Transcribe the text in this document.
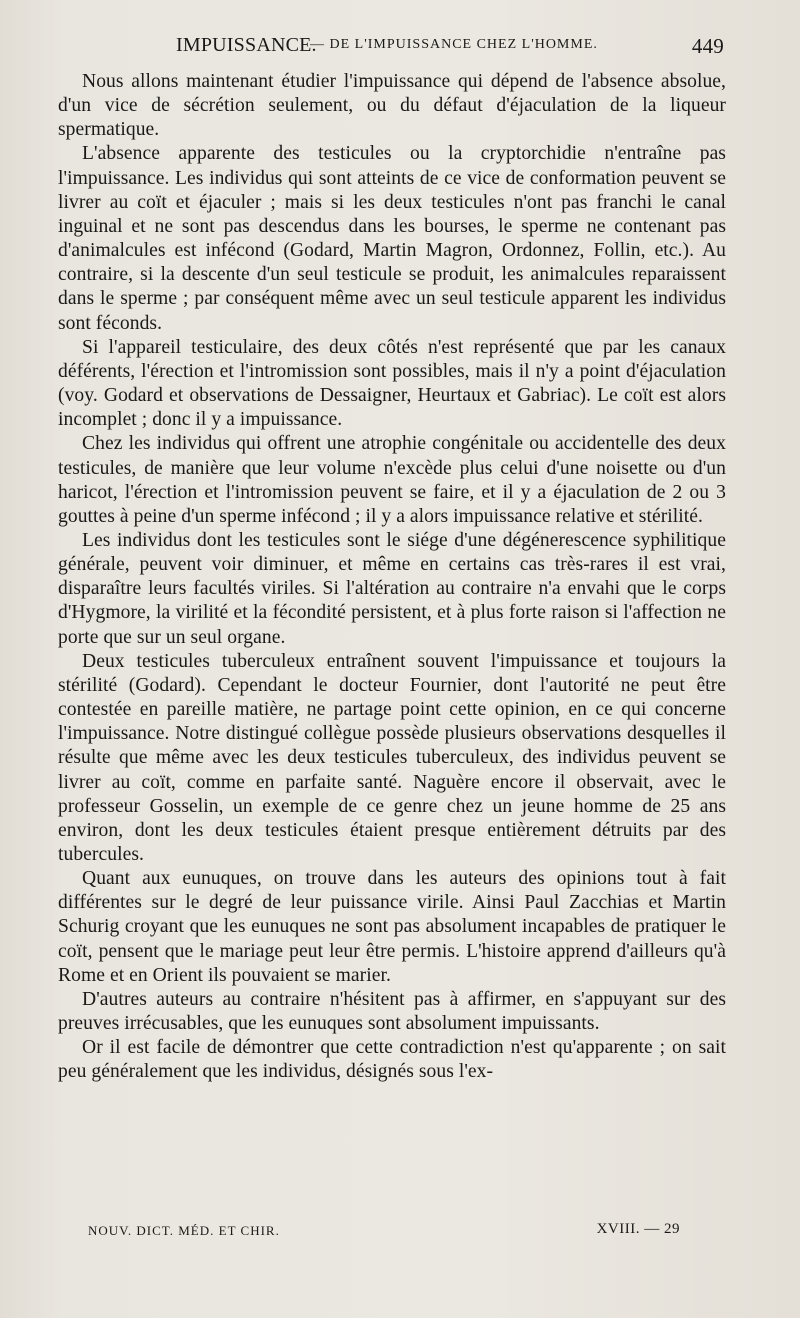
IMPUISSANCE.
— DE L'IMPUISSANCE CHEZ L'HOMME.	449

Nous allons maintenant étudier l'impuissance qui dépend de l'absence absolue, d'un vice de sécrétion seulement, ou du défaut d'éjaculation de la liqueur spermatique.

L'absence apparente des testicules ou la cryptorchidie n'entraîne pas l'impuissance. Les individus qui sont atteints de ce vice de conformation peuvent se livrer au coït et éjaculer ; mais si les deux testicules n'ont pas franchi le canal inguinal et ne sont pas descendus dans les bourses, le sperme ne contenant pas d'animalcules est infécond (Godard, Martin Magron, Ordonnez, Follin, etc.). Au contraire, si la descente d'un seul testicule se produit, les animalcules reparaissent dans le sperme ; par conséquent même avec un seul testicule apparent les individus sont féconds.

Si l'appareil testiculaire, des deux côtés n'est représenté que par les canaux déférents, l'érection et l'intromission sont possibles, mais il n'y a point d'éjaculation (voy. Godard et observations de Dessaigner, Heurtaux et Gabriac). Le coït est alors incomplet ; donc il y a impuissance.

Chez les individus qui offrent une atrophie congénitale ou accidentelle des deux testicules, de manière que leur volume n'excède plus celui d'une noisette ou d'un haricot, l'érection et l'intromission peuvent se faire, et il y a éjaculation de 2 ou 3 gouttes à peine d'un sperme infécond ; il y a alors impuissance relative et stérilité.

Les individus dont les testicules sont le siége d'une dégénerescence syphilitique générale, peuvent voir diminuer, et même en certains cas très-rares il est vrai, disparaître leurs facultés viriles. Si l'altération au contraire n'a envahi que le corps d'Hygmore, la virilité et la fécondité persistent, et à plus forte raison si l'affection ne porte que sur un seul organe.

Deux testicules tuberculeux entraînent souvent l'impuissance et toujours la stérilité (Godard). Cependant le docteur Fournier, dont l'autorité ne peut être contestée en pareille matière, ne partage point cette opinion, en ce qui concerne l'impuissance. Notre distingué collègue possède plusieurs observations desquelles il résulte que même avec les deux testicules tuberculeux, des individus peuvent se livrer au coït, comme en parfaite santé. Naguère encore il observait, avec le professeur Gosselin, un exemple de ce genre chez un jeune homme de 25 ans environ, dont les deux testicules étaient presque entièrement détruits par des tubercules.

Quant aux eunuques, on trouve dans les auteurs des opinions tout à fait différentes sur le degré de leur puissance virile. Ainsi Paul Zacchias et Martin Schurig croyant que les eunuques ne sont pas absolument incapables de pratiquer le coït, pensent que le mariage peut leur être permis. L'histoire apprend d'ailleurs qu'à Rome et en Orient ils pouvaient se marier.

D'autres auteurs au contraire n'hésitent pas à affirmer, en s'appuyant sur des preuves irrécusables, que les eunuques sont absolument impuissants.

Or il est facile de démontrer que cette contradiction n'est qu'apparente ; on sait peu généralement que les individus, désignés sous l'ex-

NOUV. DICT. MÉD. ET CHIR.	XVIII. — 29
